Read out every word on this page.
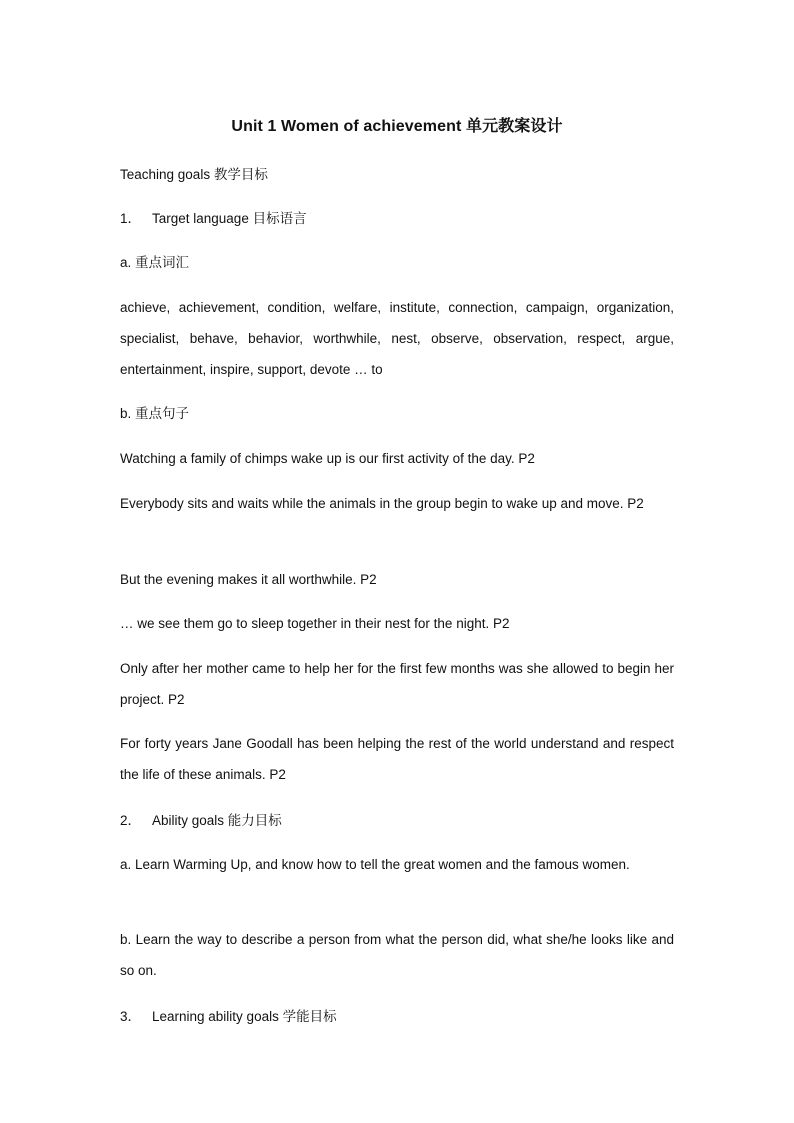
Unit 1 Women of achievement 单元教案设计

Teaching goals 教学目标

1． Target language 目标语言

a. 重点词汇

achieve, achievement, condition, welfare, institute, connection, campaign, organization, specialist, behave, behavior, worthwhile, nest, observe, observation, respect, argue, entertainment, inspire, support, devote … to

b. 重点句子

Watching a family of chimps wake up is our first activity of the day. P2

Everybody sits and waits while the animals in the group begin to wake up and move. P2

But the evening makes it all worthwhile. P2

… we see them go to sleep together in their nest for the night. P2

Only after her mother came to help her for the first few months was she allowed to begin her project. P2

For forty years Jane Goodall has been helping the rest of the world understand and respect the life of these animals. P2

2． Ability goals 能力目标

a. Learn Warming Up, and know how to tell the great women and the famous women.

b. Learn the way to describe a person from what the person did, what she/he looks like and so on.

3． Learning ability goals 学能目标
